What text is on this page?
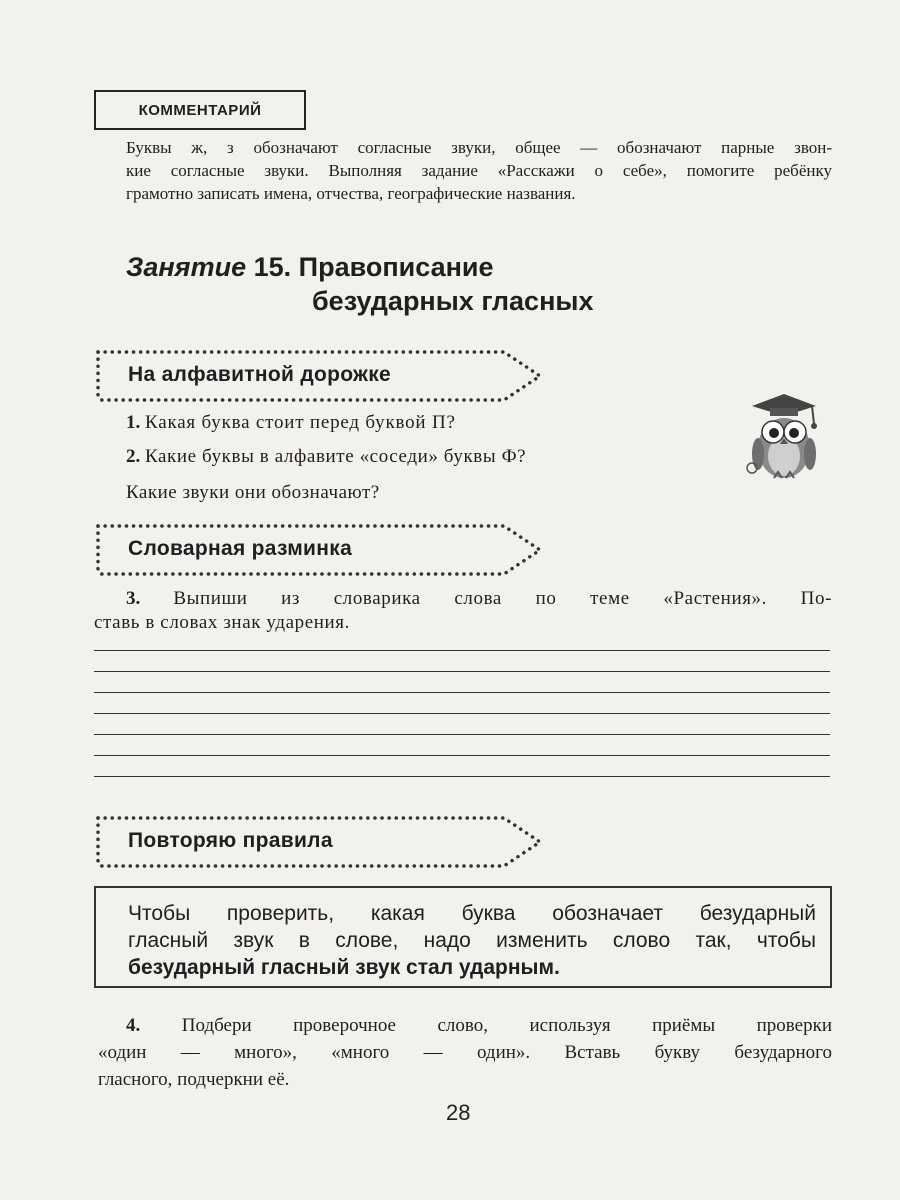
КОММЕНТАРИЙ

Буквы ж, з обозначают согласные звуки, общее — обозначают парные звон-

кие согласные звуки. Выполняя задание «Расскажи о себе», помогите ребёнку

грамотно записать имена, отчества, географические названия.

Занятие 15. Правописание
безударных гласных
На алфавитной дорожке
1. Какая буква стоит перед буквой П?
2. Какие буквы в алфавите «соседи» буквы Ф?
Какие звуки они обозначают?
Словарная разминка
3. Выпиши из словарика слова по теме «Растения». По-
ставь в словах знак ударения.
Повторяю правила

Чтобы проверить, какая буква обозначает безударный

гласный звук в слове, надо изменить слово так, чтобы

безударный гласный звук стал ударным.

4. Подбери проверочное слово, используя приёмы проверки

«один — много», «много — один». Вставь букву безударного

гласного, подчеркни её.

28
